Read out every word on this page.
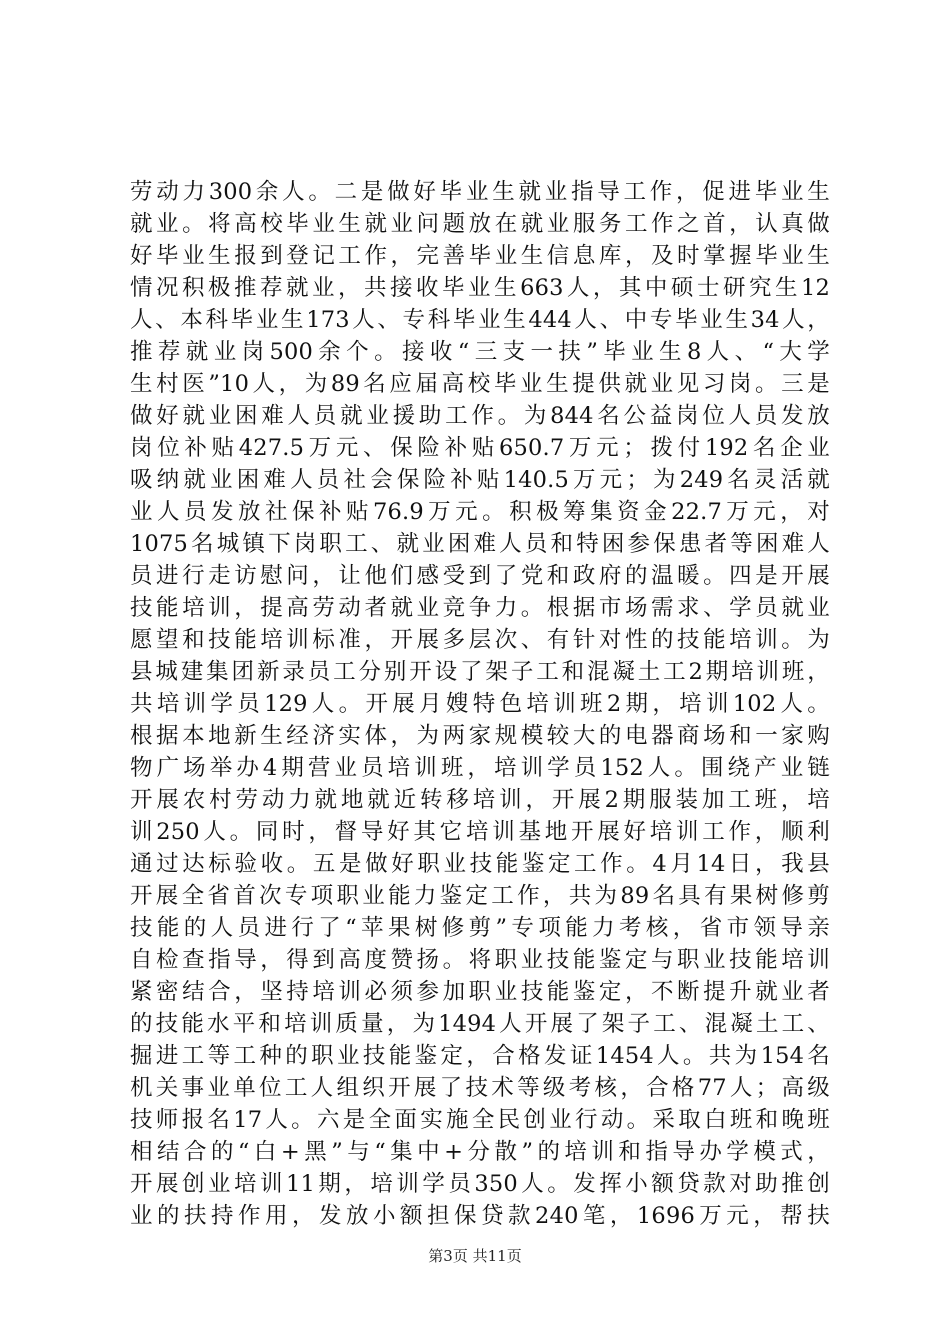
劳动力300余人。二是做好毕业生就业指导工作，促进毕业生
就业。将高校毕业生就业问题放在就业服务工作之首，认真做
好毕业生报到登记工作，完善毕业生信息库，及时掌握毕业生
情况积极推荐就业，共接收毕业生663人，其中硕士研究生12
人、本科毕业生173人、专科毕业生444人、中专毕业生34人，
推荐就业岗500余个。接收“三支一扶”毕业生8人、“大学
生村医”10人，为89名应届高校毕业生提供就业见习岗。三是
做好就业困难人员就业援助工作。为844名公益岗位人员发放
岗位补贴427.5万元、保险补贴650.7万元；拨付192名企业
吸纳就业困难人员社会保险补贴140.5万元；为249名灵活就
业人员发放社保补贴76.9万元。积极筹集资金22.7万元，对
1075名城镇下岗职工、就业困难人员和特困参保患者等困难人
员进行走访慰问，让他们感受到了党和政府的温暖。四是开展
技能培训，提高劳动者就业竞争力。根据市场需求、学员就业
愿望和技能培训标准，开展多层次、有针对性的技能培训。为
县城建集团新录员工分别开设了架子工和混凝土工2期培训班，
共培训学员129人。开展月嫂特色培训班2期，培训102人。
根据本地新生经济实体，为两家规模较大的电器商场和一家购
物广场举办4期营业员培训班，培训学员152人。围绕产业链
开展农村劳动力就地就近转移培训，开展2期服装加工班，培
训250人。同时，督导好其它培训基地开展好培训工作，顺利
通过达标验收。五是做好职业技能鉴定工作。4月14日，我县
开展全省首次专项职业能力鉴定工作，共为89名具有果树修剪
技能的人员进行了“苹果树修剪”专项能力考核，省市领导亲
自检查指导，得到高度赞扬。将职业技能鉴定与职业技能培训
紧密结合，坚持培训必须参加职业技能鉴定，不断提升就业者
的技能水平和培训质量，为1494人开展了架子工、混凝土工、
掘进工等工种的职业技能鉴定，合格发证1454人。共为154名
机关事业单位工人组织开展了技术等级考核，合格77人；高级
技师报名17人。六是全面实施全民创业行动。采取白班和晚班
相结合的“白+黑”与“集中+分散”的培训和指导办学模式，
开展创业培训11期，培训学员350人。发挥小额贷款对助推创
业的扶持作用，发放小额担保贷款240笔，1696万元，帮扶
第3页 共11页
